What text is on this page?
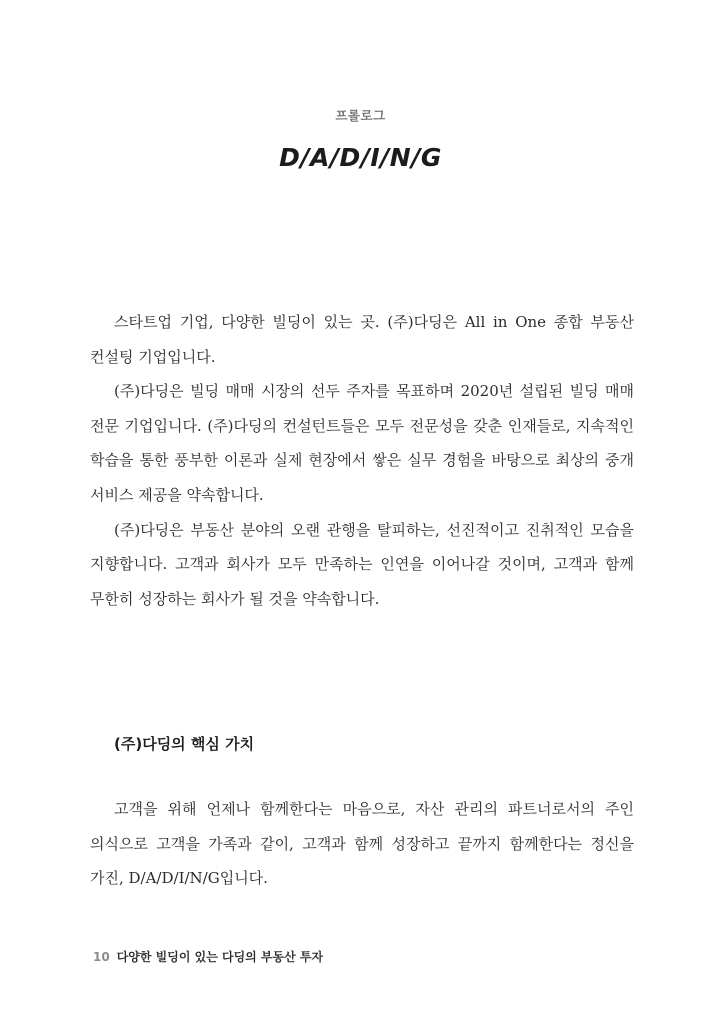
프롤로그
D/A/D/I/N/G

스타트업 기업, 다양한 빌딩이 있는 곳. (주)다딩은 All in One 종합 부동산 컨설팅 기업입니다.

(주)다딩은 빌딩 매매 시장의 선두 주자를 목표하며 2020년 설립된 빌딩 매매 전문 기업입니다. (주)다딩의 컨설턴트들은 모두 전문성을 갖춘 인재들로, 지속적인 학습을 통한 풍부한 이론과 실제 현장에서 쌓은 실무 경험을 바탕으로 최상의 중개 서비스 제공을 약속합니다.

(주)다딩은 부동산 분야의 오랜 관행을 탈피하는, 선진적이고 진취적인 모습을 지향합니다. 고객과 회사가 모두 만족하는 인연을 이어나갈 것이며, 고객과 함께 무한히 성장하는 회사가 될 것을 약속합니다.

(주)다딩의 핵심 가치

고객을 위해 언제나 함께한다는 마음으로, 자산 관리의 파트너로서의 주인 의식으로 고객을 가족과 같이, 고객과 함께 성장하고 끝까지 함께한다는 정신을 가진, D/A/D/I/N/G입니다.

10 다양한 빌딩이 있는 다딩의 부동산 투자
